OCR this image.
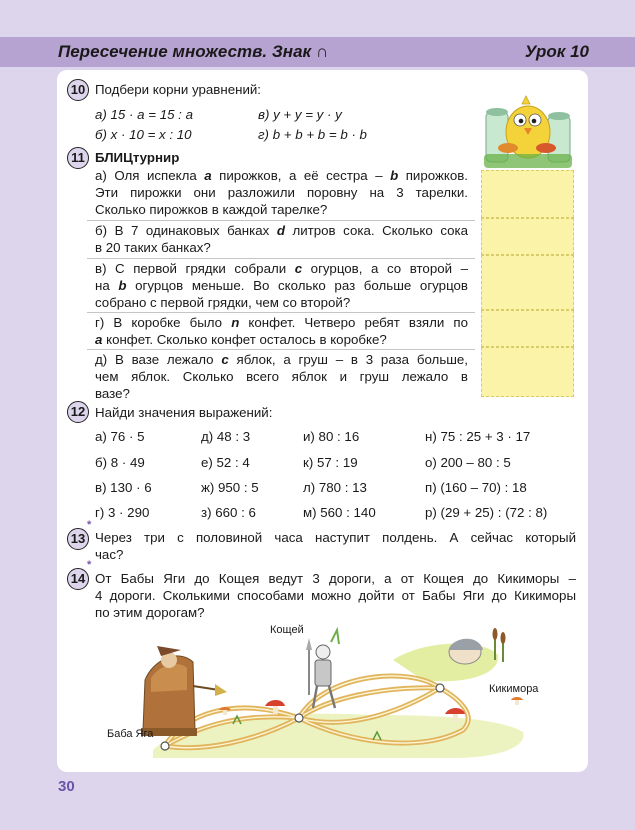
Пересечение множеств. Знак ∩	Урок 10
10 Подбери корни уравнений:
а) 15 · a = 15 : a	в) y + y = y · y
б) x · 10 = x : 10	г) b + b + b = b · b
11 БЛИЦтурнир
а) Оля испекла a пирожков, а её сестра – b пирожков.
Эти пирожки они разложили поровну на 3 тарелки.
Сколько пирожков в каждой тарелке?
б) В 7 одинаковых банках d литров сока. Сколько сока
в 20 таких банках?
в) С первой грядки собрали c огурцов, а со второй –
на b огурцов меньше. Во сколько раз больше огурцов
собрано с первой грядки, чем со второй?
г) В коробке было n конфет. Четверо ребят взяли по
a конфет. Сколько конфет осталось в коробке?
д) В вазе лежало c яблок, а груш – в 3 раза больше,
чем яблок. Сколько всего яблок и груш лежало в
вазе?
12 Найди значения выражений:
а) 76 · 5	д) 48 : 3	и) 80 : 16	н) 75 : 25 + 3 · 17
б) 8 · 49	е) 52 : 4	к) 57 : 19	о) 200 – 80 : 5
в) 130 · 6	ж) 950 : 5	л) 780 : 13	п) (160 – 70) : 18
г) 3 · 290	з) 660 : 6	м) 560 : 140	р) (29 + 25) : (72 : 8)
13
*
Через три с половиной часа наступит полдень. А сейчас который
час?
14
*
От Бабы Яги до Кощея ведут 3 дороги, а от Кощея до Кикиморы –
4 дороги. Сколькими способами можно дойти от Бабы Яги до Кикиморы
по этим дорогам?
Кощей
Кикимора
Баба Яга
30
